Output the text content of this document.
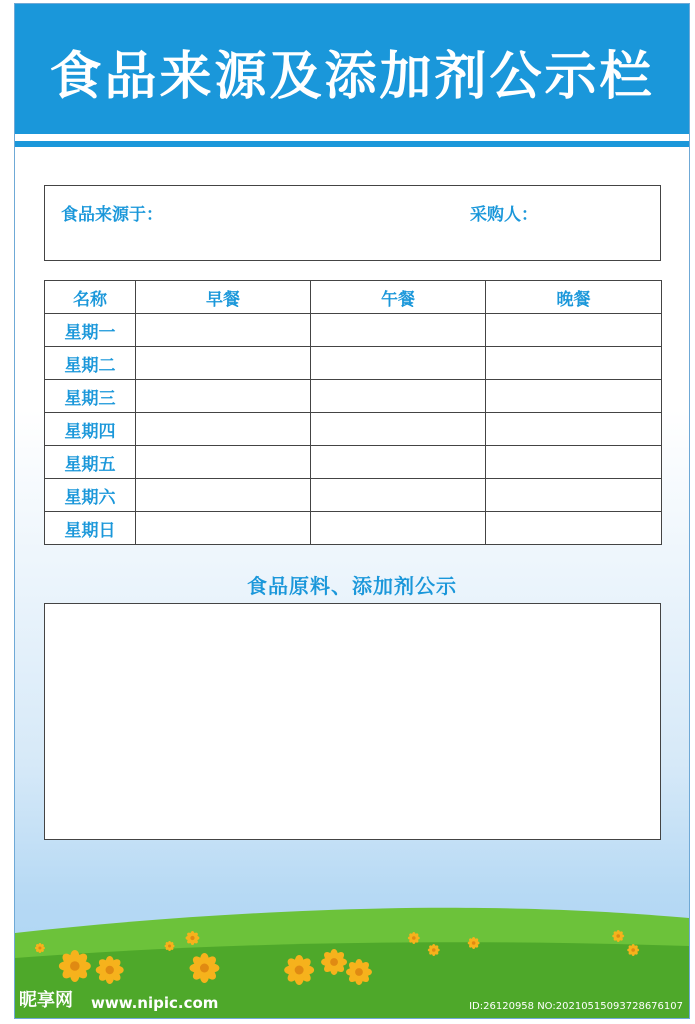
食品来源及添加剂公示栏
食品来源于：	采购人：
名称	早餐	午餐	晚餐
星期一			
星期二			
星期三			
星期四			
星期五			
星期六			
星期日			
食品原料、添加剂公示
昵享网 www.nipic.com	ID:26120958 NO:20210515093728676107
